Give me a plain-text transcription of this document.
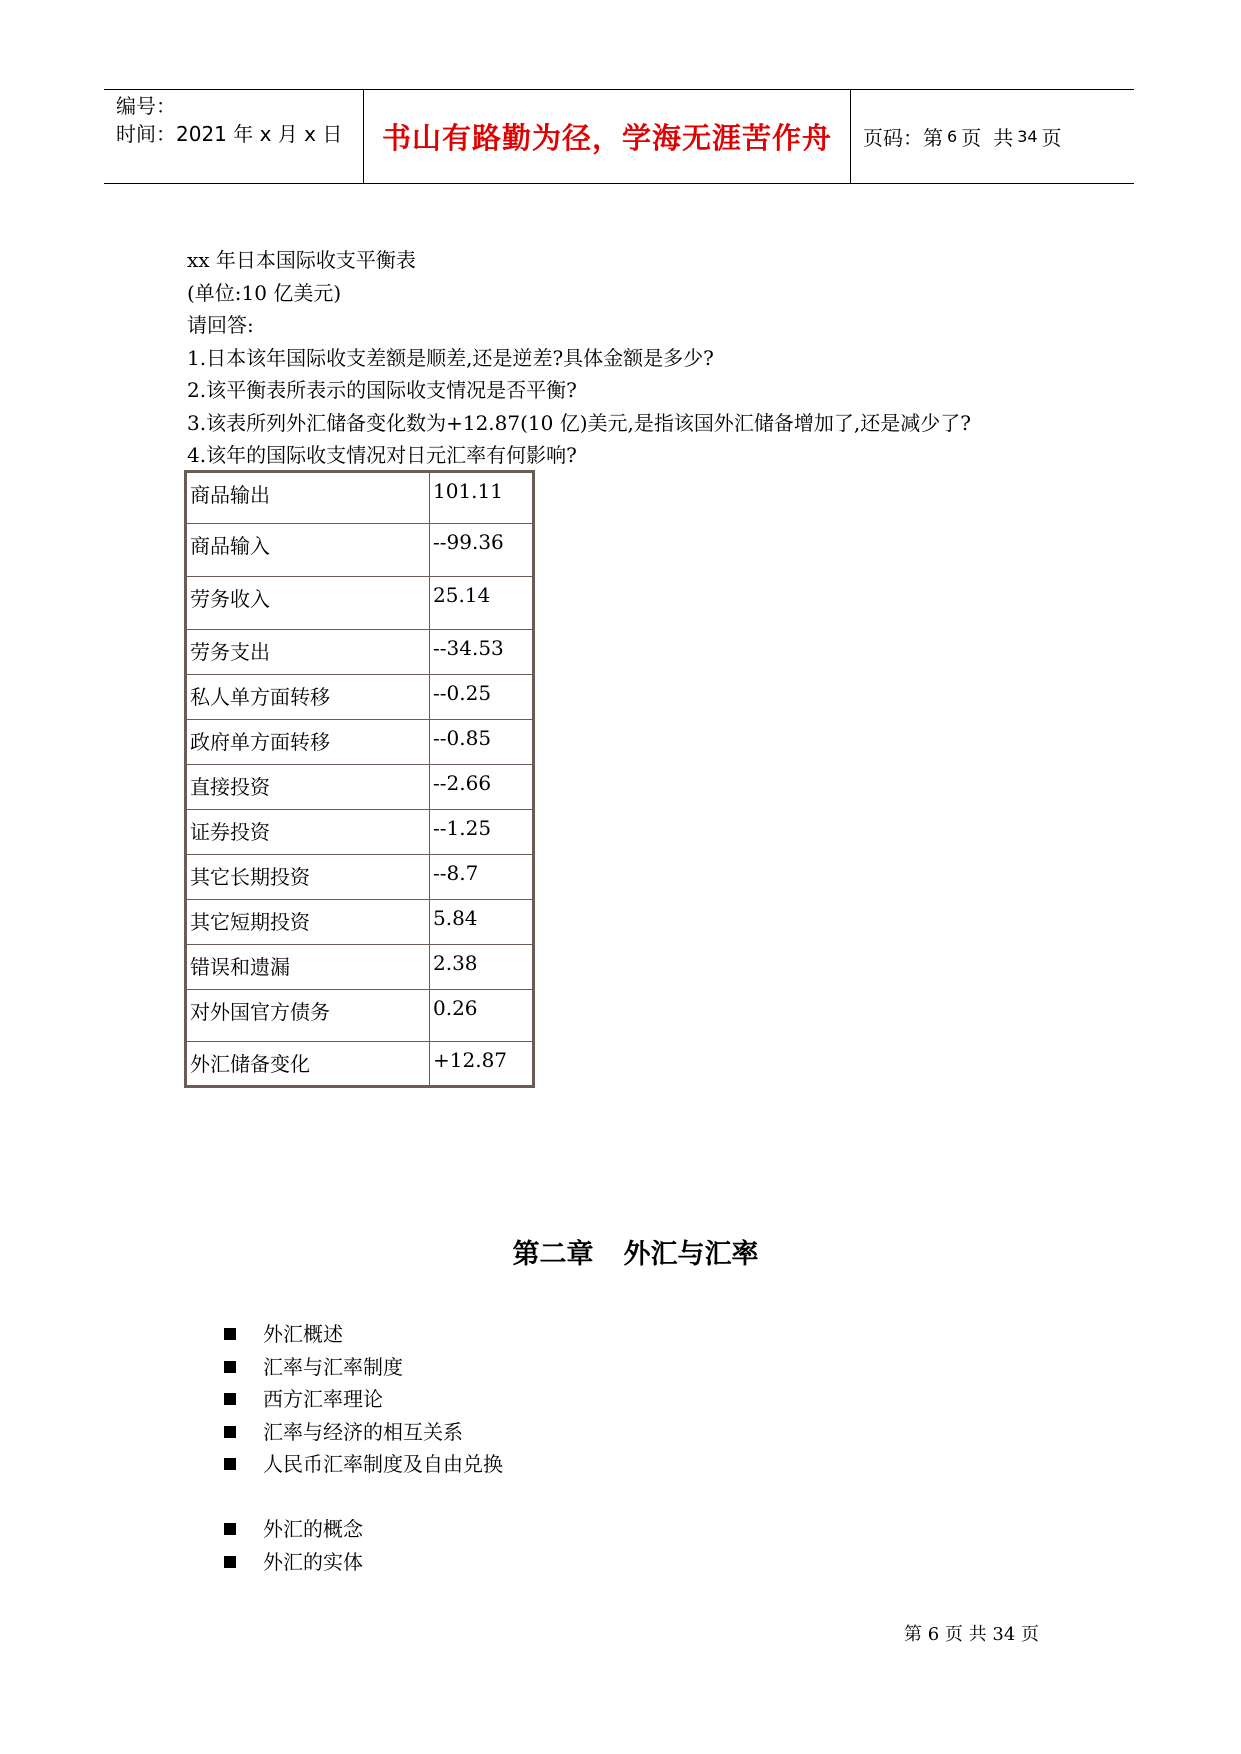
编号：
时间：2021 年 x 月 x 日	书山有路勤为径，学海无涯苦作舟	页码：第 6 页 共 34 页
xx 年日本国际收支平衡表
(单位:10 亿美元)
请回答:
1.日本该年国际收支差额是顺差,还是逆差?具体金额是多少?
2.该平衡表所表示的国际收支情况是否平衡?
3.该表所列外汇储备变化数为+12.87(10 亿)美元,是指该国外汇储备增加了,还是减少了?
4.该年的国际收支情况对日元汇率有何影响?
商品输出	101.11
商品输入	--99.36
劳务收入	25.14
劳务支出	--34.53
私人单方面转移	--0.25
政府单方面转移	--0.85
直接投资	--2.66
证券投资	--1.25
其它长期投资	--8.7
其它短期投资	5.84
错误和遗漏	2.38
对外国官方债务	0.26
外汇储备变化	+12.87
第二章 外汇与汇率
外汇概述
汇率与汇率制度
西方汇率理论
汇率与经济的相互关系
人民币汇率制度及自由兑换
外汇的概念
外汇的实体
第 6 页 共 34 页
